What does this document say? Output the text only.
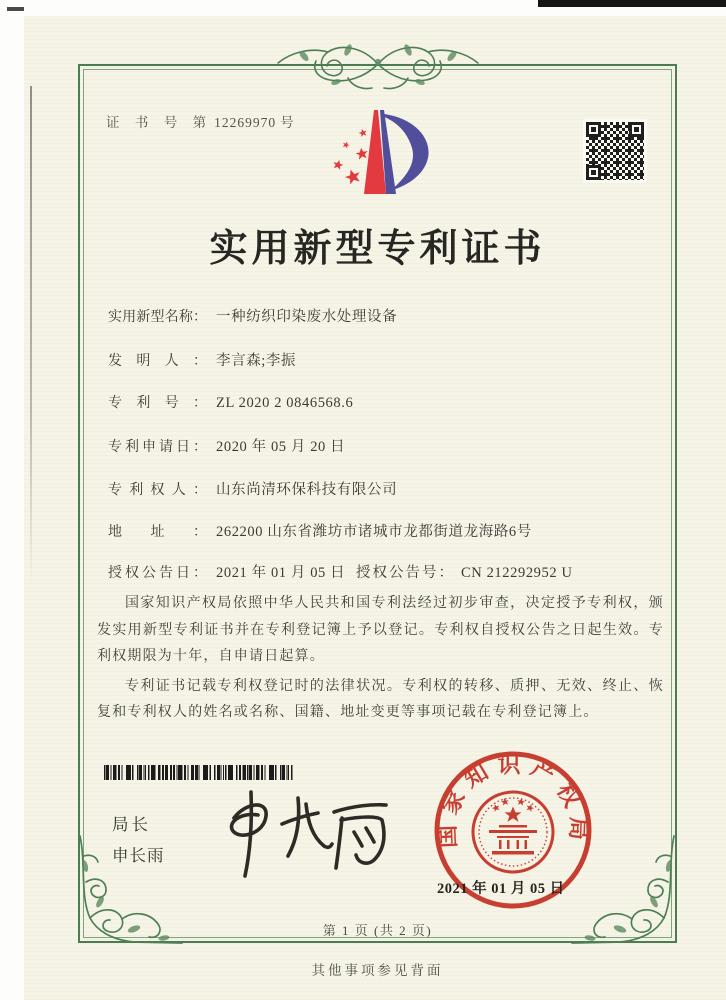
证 书 号 第 12269970 号
实用新型专利证书
实用新型名称： 一种纺织印染废水处理设备
发明人： 李言森;李振
专利号： ZL 2020 2 0846568.6
专利申请日： 2020 年 05 月 20 日
专利权人： 山东尚清环保科技有限公司
地址： 262200 山东省潍坊市诸城市龙都街道龙海路6号
授权公告日： 2021 年 01 月 05 日 授权公告号： CN 212292952 U

国家知识产权局依照中华人民共和国专利法经过初步审查，决定授予专利权，颁发实用新型专利证书并在专利登记簿上予以登记。专利权自授权公告之日起生效。专利权期限为十年，自申请日起算。

专利证书记载专利权登记时的法律状况。专利权的转移、质押、无效、终止、恢复和专利权人的姓名或名称、国籍、地址变更等事项记载在专利登记簿上。

局长
申长雨
国家知识产权局
2021 年 01 月 05 日
第 1 页 (共 2 页)
其他事项参见背面
